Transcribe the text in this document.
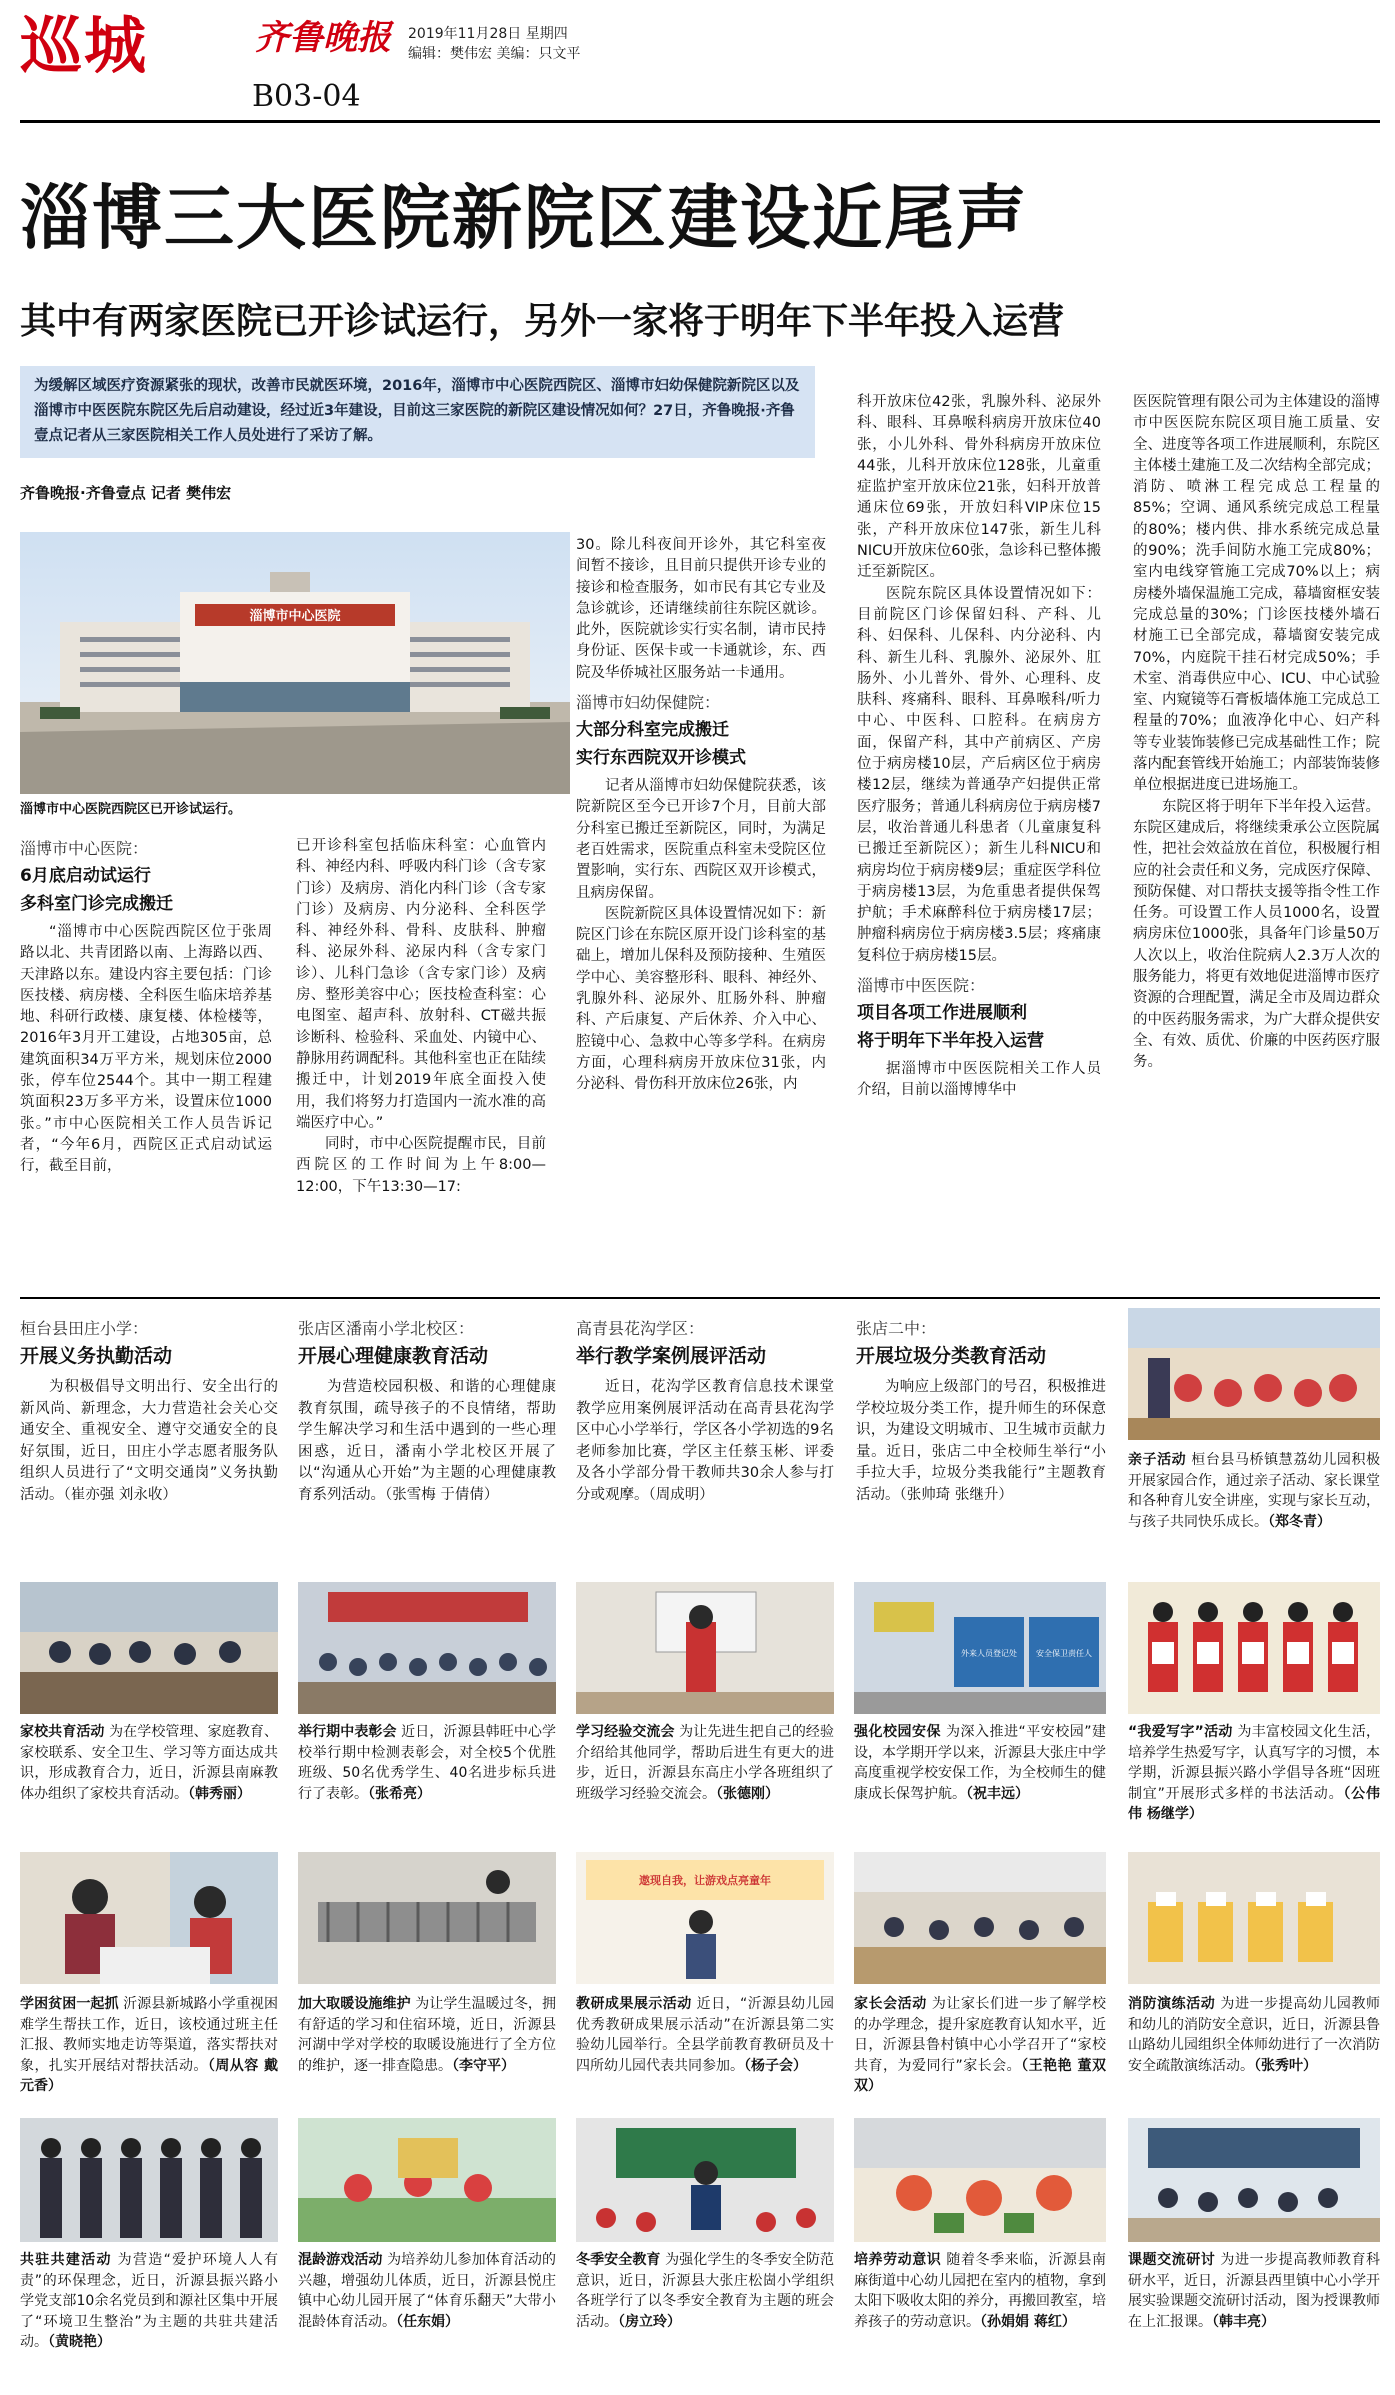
巡城	齐鲁晚报
B03-04
2019年11月28日 星期四
编辑：樊伟宏 美编：只文平
淄博三大医院新院区建设近尾声
其中有两家医院已开诊试运行，另外一家将于明年下半年投入运营
为缓解区域医疗资源紧张的现状，改善市民就医环境，2016年，淄博市中心医院西院区、淄博市妇幼保健院新院区以及淄博市中医医院东院区先后启动建设，经过近3年建设，目前这三家医院的新院区建设情况如何？27日，齐鲁晚报·齐鲁壹点记者从三家医院相关工作人员处进行了采访了解。
齐鲁晚报·齐鲁壹点 记者 樊伟宏
淄博市中心医院
淄博市中心医院西院区已开诊试运行。
淄博市中心医院：
6月底启动试运行
多科室门诊完成搬迁

“淄博市中心医院西院区位于张周路以北、共青团路以南、上海路以西、天津路以东。建设内容主要包括：门诊医技楼、病房楼、全科医生临床培养基地、科研行政楼、康复楼、体检楼等，2016年3月开工建设，占地305亩，总建筑面积34万平方米，规划床位2000张，停车位2544个。其中一期工程建筑面积23万多平方米，设置床位1000张。”市中心医院相关工作人员告诉记者，“今年6月，西院区正式启动试运行，截至目前，

已开诊科室包括临床科室：心血管内科、神经内科、呼吸内科门诊（含专家门诊）及病房、消化内科门诊（含专家门诊）及病房、内分泌科、全科医学科、神经外科、骨科、皮肤科、肿瘤科、泌尿外科、泌尿内科（含专家门诊）、儿科门急诊（含专家门诊）及病房、整形美容中心；医技检查科室：心电图室、超声科、放射科、CT磁共振诊断科、检验科、采血处、内镜中心、静脉用药调配科。其他科室也正在陆续搬迁中，计划2019年底全面投入使用，我们将努力打造国内一流水准的高端医疗中心。”

同时，市中心医院提醒市民，目前西院区的工作时间为上午8:00—12:00，下午13:30—17:

30。除儿科夜间开诊外，其它科室夜间暂不接诊，且目前只提供开诊专业的接诊和检查服务，如市民有其它专业及急诊就诊，还请继续前往东院区就诊。此外，医院就诊实行实名制，请市民持身份证、医保卡或一卡通就诊，东、西院及华侨城社区服务站一卡通用。

淄博市妇幼保健院：
大部分科室完成搬迁
实行东西院双开诊模式

记者从淄博市妇幼保健院获悉，该院新院区至今已开诊7个月，目前大部分科室已搬迁至新院区，同时，为满足老百姓需求，医院重点科室未受院区位置影响，实行东、西院区双开诊模式，且病房保留。

医院新院区具体设置情况如下：新院区门诊在东院区原开设门诊科室的基础上，增加儿保科及预防接种、生殖医学中心、美容整形科、眼科、神经外、乳腺外科、泌尿外、肛肠外科、肿瘤科、产后康复、产后休养、介入中心、腔镜中心、急救中心等多学科。在病房方面，心理科病房开放床位31张，内分泌科、骨伤科开放床位26张，内

科开放床位42张，乳腺外科、泌尿外科、眼科、耳鼻喉科病房开放床位40张，小儿外科、骨外科病房开放床位44张，儿科开放床位128张，儿童重症监护室开放床位21张，妇科开放普通床位69张，开放妇科VIP床位15张，产科开放床位147张，新生儿科NICU开放床位60张，急诊科已整体搬迁至新院区。

医院东院区具体设置情况如下：目前院区门诊保留妇科、产科、儿科、妇保科、儿保科、内分泌科、内科、新生儿科、乳腺外、泌尿外、肛肠外、小儿普外、骨外、心理科、皮肤科、疼痛科、眼科、耳鼻喉科/听力中心、中医科、口腔科。在病房方面，保留产科，其中产前病区、产房位于病房楼10层，产后病区位于病房楼12层，继续为普通孕产妇提供正常医疗服务；普通儿科病房位于病房楼7层，收治普通儿科患者（儿童康复科已搬迁至新院区）；新生儿科NICU和病房均位于病房楼9层；重症医学科位于病房楼13层，为危重患者提供保驾护航；手术麻醉科位于病房楼17层；肿瘤科病房位于病房楼3.5层；疼痛康复科位于病房楼15层。

淄博市中医医院：
项目各项工作进展顺利
将于明年下半年投入运营

据淄博市中医医院相关工作人员介绍，目前以淄博博华中

医医院管理有限公司为主体建设的淄博市中医医院东院区项目施工质量、安全、进度等各项工作进展顺利，东院区主体楼土建施工及二次结构全部完成；消防、喷淋工程完成总工程量的85%；空调、通风系统完成总工程量的80%；楼内供、排水系统完成总量的90%；洗手间防水施工完成80%；室内电线穿管施工完成70%以上；病房楼外墙保温施工完成，幕墙窗框安装完成总量的30%；门诊医技楼外墙石材施工已全部完成，幕墙窗安装完成70%，内庭院干挂石材完成50%；手术室、消毒供应中心、ICU、中心试验室、内窥镜等石膏板墙体施工完成总工程量的70%；血液净化中心、妇产科等专业装饰装修已完成基础性工作；院落内配套管线开始施工；内部装饰装修单位根据进度已进场施工。

东院区将于明年下半年投入运营。东院区建成后，将继续秉承公立医院属性，把社会效益放在首位，积极履行相应的社会责任和义务，完成医疗保障、预防保健、对口帮扶支援等指令性工作任务。可设置工作人员1000名，设置病房床位1000张，具备年门诊量50万人次以上，收治住院病人2.3万人次的服务能力，将更有效地促进淄博市医疗资源的合理配置，满足全市及周边群众的中医药服务需求，为广大群众提供安全、有效、质优、价廉的中医药医疗服务。

桓台县田庄小学：
开展义务执勤活动
为积极倡导文明出行、安全出行的新风尚、新理念，大力营造社会关心交通安全、重视安全、遵守交通安全的良好氛围，近日，田庄小学志愿者服务队组织人员进行了“文明交通岗”义务执勤活动。（崔亦强 刘永收）
张店区潘南小学北校区：
开展心理健康教育活动
为营造校园积极、和谐的心理健康教育氛围，疏导孩子的不良情绪，帮助学生解决学习和生活中遇到的一些心理困惑，近日，潘南小学北校区开展了以“沟通从心开始”为主题的心理健康教育系列活动。（张雪梅 于倩倩）
高青县花沟学区：
举行教学案例展评活动
近日，花沟学区教育信息技术课堂教学应用案例展评活动在高青县花沟学区中心小学举行，学区各小学初选的9名老师参加比赛，学区主任蔡玉彬、评委及各小学部分骨干教师共30余人参与打分或观摩。（周成明）
张店二中：
开展垃圾分类教育活动
为响应上级部门的号召，积极推进学校垃圾分类工作，提升师生的环保意识，为建设文明城市、卫生城市贡献力量。近日，张店二中全校师生举行“小手拉大手，垃圾分类我能行”主题教育活动。（张帅琦 张继升）
亲子活动 桓台县马桥镇慧荔幼儿园积极开展家园合作，通过亲子活动、家长课堂和各种育儿安全讲座，实现与家长互动，与孩子共同快乐成长。（郑冬青）
外来人员登记处 安全保卫责任人
家校共育活动 为在学校管理、家庭教育、家校联系、安全卫生、学习等方面达成共识，形成教育合力，近日，沂源县南麻教体办组织了家校共育活动。（韩秀丽）
举行期中表彰会 近日，沂源县韩旺中心学校举行期中检测表彰会，对全校5个优胜班级、50名优秀学生、40名进步标兵进行了表彰。（张希亮）
学习经验交流会 为让先进生把自己的经验介绍给其他同学，帮助后进生有更大的进步，近日，沂源县东高庄小学各班组织了班级学习经验交流会。（张德刚）
强化校园安保 为深入推进“平安校园”建设，本学期开学以来，沂源县大张庄中学高度重视学校安保工作，为全校师生的健康成长保驾护航。（祝丰远）
“我爱写字”活动 为丰富校园文化生活，培养学生热爱写字，认真写字的习惯，本学期，沂源县振兴路小学倡导各班“因班制宜”开展形式多样的书法活动。（公伟伟 杨继学）
遨现自我，让游戏点亮童年
学困贫困一起抓 沂源县新城路小学重视困难学生帮扶工作，近日，该校通过班主任汇报、教师实地走访等渠道，落实帮扶对象，扎实开展结对帮扶活动。（周从容 戴元香）
加大取暖设施维护 为让学生温暖过冬，拥有舒适的学习和住宿环境，近日，沂源县河湖中学对学校的取暖设施进行了全方位的维护，逐一排查隐患。（李守平）
教研成果展示活动 近日，“沂源县幼儿园优秀教研成果展示活动”在沂源县第二实验幼儿园举行。全县学前教育教研员及十四所幼儿园代表共同参加。（杨子会）
家长会活动 为让家长们进一步了解学校的办学理念，提升家庭教育认知水平，近日，沂源县鲁村镇中心小学召开了“家校共育，为爱同行”家长会。（王艳艳 董双双）
消防演练活动 为进一步提高幼儿园教师和幼儿的消防安全意识，近日，沂源县鲁山路幼儿园组织全体师幼进行了一次消防安全疏散演练活动。（张秀叶）
共驻共建活动 为营造“爱护环境人人有责”的环保理念，近日，沂源县振兴路小学党支部10余名党员到和源社区集中开展了“环境卫生整治”为主题的共驻共建活动。（黄晓艳）
混龄游戏活动 为培养幼儿参加体育活动的兴趣，增强幼儿体质，近日，沂源县悦庄镇中心幼儿园开展了“体育乐翻天”大带小混龄体育活动。（任东娟）
冬季安全教育 为强化学生的冬季安全防范意识，近日，沂源县大张庄松崮小学组织各班学行了以冬季安全教育为主题的班会活动。（房立玲）
培养劳动意识 随着冬季来临，沂源县南麻街道中心幼儿园把在室内的植物，拿到太阳下吸收太阳的养分，再搬回教室，培养孩子的劳动意识。（孙娟娟 蒋红）
课题交流研讨 为进一步提高教师教育科研水平，近日，沂源县西里镇中心小学开展实验课题交流研讨活动，图为授课教师在上汇报课。（韩丰亮）
